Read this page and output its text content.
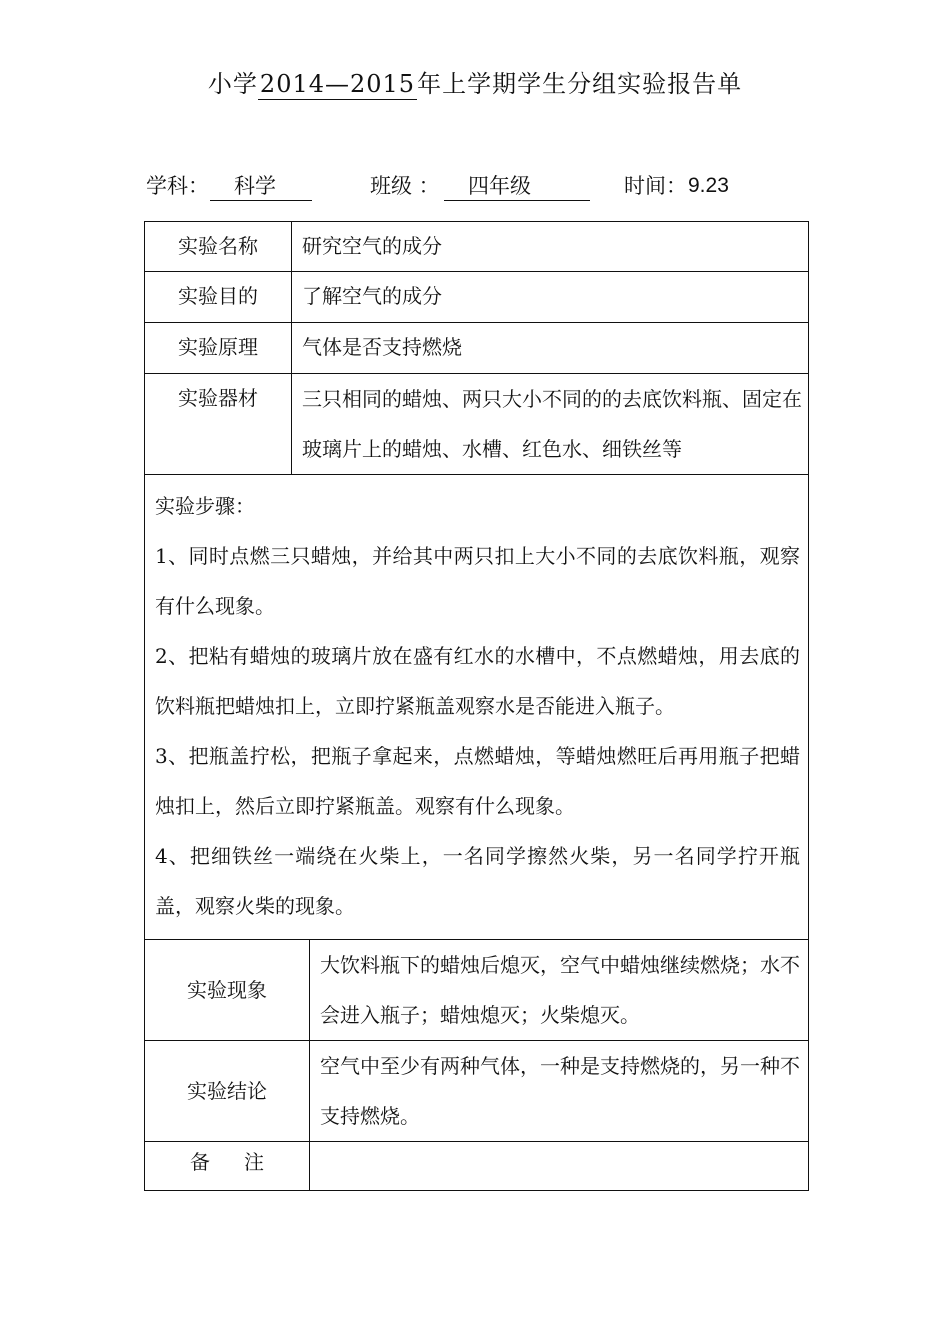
小学2014—2015年上学期学生分组实验报告单
学科：	科学	班级 ：	四年级	时间： 9.23
实验名称	研究空气的成分	
实验目的	了解空气的成分	
实验原理	气体是否支持燃烧	
实验器材	三只相同的蜡烛、两只大小不同的的去底饮料瓶、固定在玻璃片上的蜡烛、水槽、红色水、细铁丝等	

实验步骤：

1、同时点燃三只蜡烛，并给其中两只扣上大小不同的去底饮料瓶，观察有什么现象。

2、把粘有蜡烛的玻璃片放在盛有红水的水槽中，不点燃蜡烛，用去底的饮料瓶把蜡烛扣上，立即拧紧瓶盖观察水是否能进入瓶子。

3、把瓶盖拧松，把瓶子拿起来，点燃蜡烛，等蜡烛燃旺后再用瓶子把蜡烛扣上，然后立即拧紧瓶盖。观察有什么现象。

4、把细铁丝一端绕在火柴上，一名同学擦然火柴，另一名同学拧开瓶盖，观察火柴的现象。		

实验现象		大饮料瓶下的蜡烛后熄灭，空气中蜡烛继续燃烧；水不会进入瓶子；蜡烛熄灭；火柴熄灭。
实验结论		空气中至少有两种气体，一种是支持燃烧的，另一种不支持燃烧。
备注		
